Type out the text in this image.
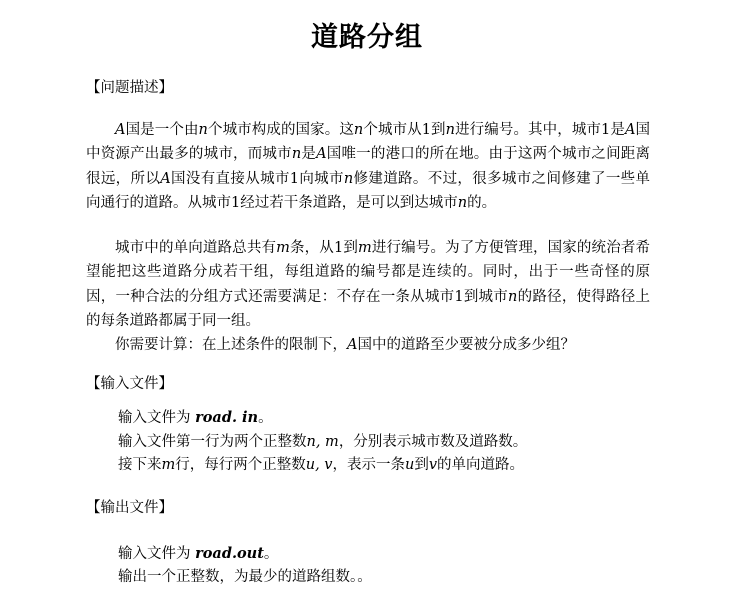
道路分组
【问题描述】
A国是一个由n个城市构成的国家。这n个城市从1到n进行编号。其中，城市1是A国中资源产出最多的城市，而城市n是A国唯一的港口的所在地。由于这两个城市之间距离很远，所以A国没有直接从城市1向城市n修建道路。不过，很多城市之间修建了一些单向通行的道路。从城市1经过若干条道路，是可以到达城市n的。
城市中的单向道路总共有m条，从1到m进行编号。为了方便管理，国家的统治者希望能把这些道路分成若干组，每组道路的编号都是连续的。同时，出于一些奇怪的原因，一种合法的分组方式还需要满足：不存在一条从城市1到城市n的路径，使得路径上的每条道路都属于同一组。
你需要计算：在上述条件的限制下，A国中的道路至少要被分成多少组？
【输入文件】
输入文件为 road. in。
输入文件第一行为两个正整数n, m，分别表示城市数及道路数。
接下来m行，每行两个正整数u, v，表示一条u到v的单向道路。
【输出文件】
输入文件为 road.out。
输出一个正整数，为最少的道路组数。。
